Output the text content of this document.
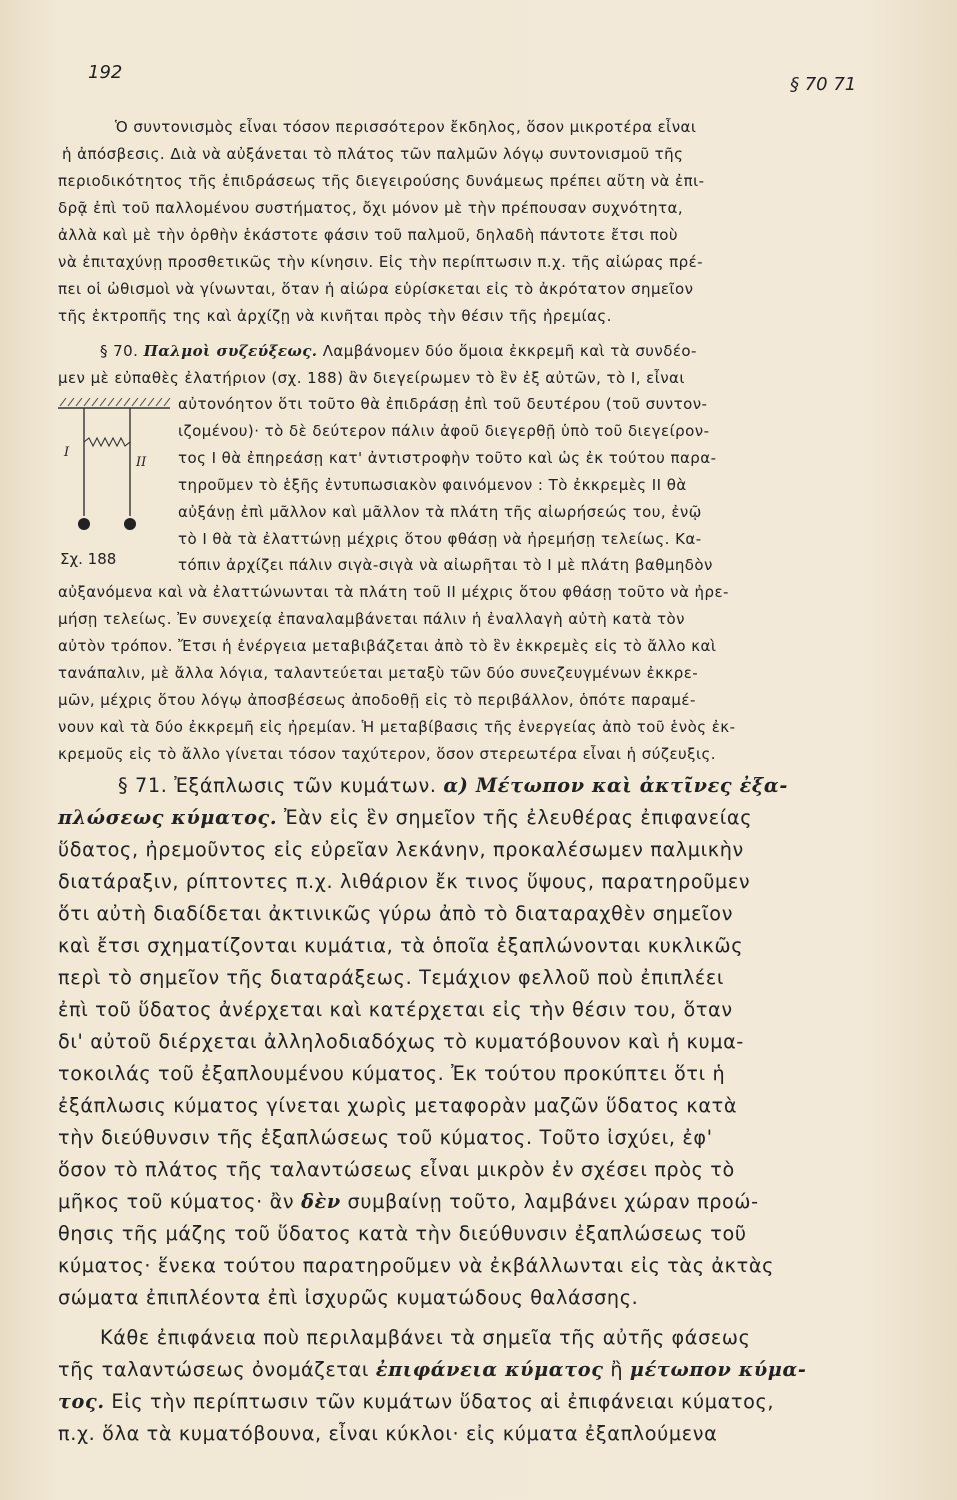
192
§ 70 71
Ὁ συντονισμὸς εἶναι τόσον περισσότερον ἔκδηλος, ὅσον μικροτέρα εἶναι
ἡ ἀπόσβεσις. Διὰ νὰ αὐξάνεται τὸ πλάτος τῶν παλμῶν λόγῳ συντονισμοῦ τῆς
περιοδικότητος τῆς ἐπιδράσεως τῆς διεγειρούσης δυνάμεως πρέπει αὕτη νὰ ἐπι-
δρᾷ ἐπὶ τοῦ παλλομένου συστήματος, ὄχι μόνον μὲ τὴν πρέπουσαν συχνότητα,
ἀλλὰ καὶ μὲ τὴν ὀρθὴν ἑκάστοτε φάσιν τοῦ παλμοῦ, δηλαδὴ πάντοτε ἔτσι ποὺ
νὰ ἐπιταχύνῃ προσθετικῶς τὴν κίνησιν. Εἰς τὴν περίπτωσιν π.χ. τῆς αἰώρας πρέ-
πει οἱ ὠθισμοὶ νὰ γίνωνται, ὅταν ἡ αἰώρα εὑρίσκεται εἰς τὸ ἀκρότατον σημεῖον
τῆς ἐκτροπῆς της καὶ ἀρχίζῃ νὰ κινῆται πρὸς τὴν θέσιν τῆς ἠρεμίας.
§ 70. Παλμοὶ συζεύξεως. Λαμβάνομεν δύο ὅμοια ἐκκρεμῆ καὶ τὰ συνδέο-
μεν μὲ εὐπαθὲς ἐλατήριον (σχ. 188) ἂν διεγείρωμεν τὸ ἓν ἐξ αὐτῶν, τὸ I, εἶναι
αὐτονόητον ὅτι τοῦτο θὰ ἐπιδράσῃ ἐπὶ τοῦ δευτέρου (τοῦ συντον-
ιζομένου)· τὸ δὲ δεύτερον πάλιν ἀφοῦ διεγερθῇ ὑπὸ τοῦ διεγείρον-
τος I θὰ ἐπηρεάσῃ κατ' ἀντιστροφὴν τοῦτο καὶ ὡς ἐκ τούτου παρα-
τηροῦμεν τὸ ἑξῆς ἐντυπωσιακὸν φαινόμενον : Τὸ ἐκκρεμὲς II θὰ
αὐξάνῃ ἐπὶ μᾶλλον καὶ μᾶλλον τὰ πλάτη τῆς αἰωρήσεώς του, ἐνῷ
τὸ I θὰ τὰ ἐλαττώνῃ μέχρις ὅτου φθάσῃ νὰ ἠρεμήσῃ τελείως. Κα-
τόπιν ἀρχίζει πάλιν σιγὰ-σιγὰ νὰ αἰωρῆται τὸ I μὲ πλάτη βαθμηδὸν
I
II
Σχ. 188
αὐξανόμενα καὶ νὰ ἐλαττώνωνται τὰ πλάτη τοῦ II μέχρις ὅτου φθάσῃ τοῦτο νὰ ἠρε-
μήσῃ τελείως. Ἐν συνεχείᾳ ἐπαναλαμβάνεται πάλιν ἡ ἐναλλαγὴ αὐτὴ κατὰ τὸν
αὐτὸν τρόπον. Ἔτσι ἡ ἐνέργεια μεταβιβάζεται ἀπὸ τὸ ἓν ἐκκρεμὲς εἰς τὸ ἄλλο καὶ
τανάπαλιν, μὲ ἄλλα λόγια, ταλαντεύεται μεταξὺ τῶν δύο συνεζευγμένων ἐκκρε-
μῶν, μέχρις ὅτου λόγῳ ἀποσβέσεως ἀποδοθῇ εἰς τὸ περιβάλλον, ὁπότε παραμέ-
νουν καὶ τὰ δύο ἐκκρεμῆ εἰς ἠρεμίαν. Ἡ μεταβίβασις τῆς ἐνεργείας ἀπὸ τοῦ ἑνὸς ἐκ-
κρεμοῦς εἰς τὸ ἄλλο γίνεται τόσον ταχύτερον, ὅσον στερεωτέρα εἶναι ἡ σύζευξις.
§ 71. Ἐξάπλωσις τῶν κυμάτων. α) Μέτωπον καὶ ἀκτῖνες ἐξα-
πλώσεως κύματος. Ἐὰν εἰς ἓν σημεῖον τῆς ἐλευθέρας ἐπιφανείας
ὕδατος, ἠρεμοῦντος εἰς εὐρεῖαν λεκάνην, προκαλέσωμεν παλμικὴν
διατάραξιν, ρίπτοντες π.χ. λιθάριον ἔκ τινος ὕψους, παρατηροῦμεν
ὅτι αὐτὴ διαδίδεται ἀκτινικῶς γύρω ἀπὸ τὸ διαταραχθὲν σημεῖον
καὶ ἔτσι σχηματίζονται κυμάτια, τὰ ὁποῖα ἐξαπλώνονται κυκλικῶς
περὶ τὸ σημεῖον τῆς διαταράξεως. Τεμάχιον φελλοῦ ποὺ ἐπιπλέει
ἐπὶ τοῦ ὕδατος ἀνέρχεται καὶ κατέρχεται εἰς τὴν θέσιν του, ὅταν
δι' αὐτοῦ διέρχεται ἀλληλοδιαδόχως τὸ κυματόβουνον καὶ ἡ κυμα-
τοκοιλάς τοῦ ἐξαπλουμένου κύματος. Ἐκ τούτου προκύπτει ὅτι ἡ
ἐξάπλωσις κύματος γίνεται χωρὶς μεταφορὰν μαζῶν ὕδατος κατὰ
τὴν διεύθυνσιν τῆς ἐξαπλώσεως τοῦ κύματος. Τοῦτο ἰσχύει, ἐφ'
ὅσον τὸ πλάτος τῆς ταλαντώσεως εἶναι μικρὸν ἐν σχέσει πρὸς τὸ
μῆκος τοῦ κύματος· ἂν δὲν συμβαίνῃ τοῦτο, λαμβάνει χώραν προώ-
θησις τῆς μάζης τοῦ ὕδατος κατὰ τὴν διεύθυνσιν ἐξαπλώσεως τοῦ
κύματος· ἕνεκα τούτου παρατηροῦμεν νὰ ἐκβάλλωνται εἰς τὰς ἀκτὰς
σώματα ἐπιπλέοντα ἐπὶ ἰσχυρῶς κυματώδους θαλάσσης.
Κάθε ἐπιφάνεια ποὺ περιλαμβάνει τὰ σημεῖα τῆς αὐτῆς φάσεως
τῆς ταλαντώσεως ὀνομάζεται ἐπιφάνεια κύματος ἢ μέτωπον κύμα-
τος. Εἰς τὴν περίπτωσιν τῶν κυμάτων ὕδατος αἱ ἐπιφάνειαι κύματος,
π.χ. ὅλα τὰ κυματόβουνα, εἶναι κύκλοι· εἰς κύματα ἐξαπλούμενα
